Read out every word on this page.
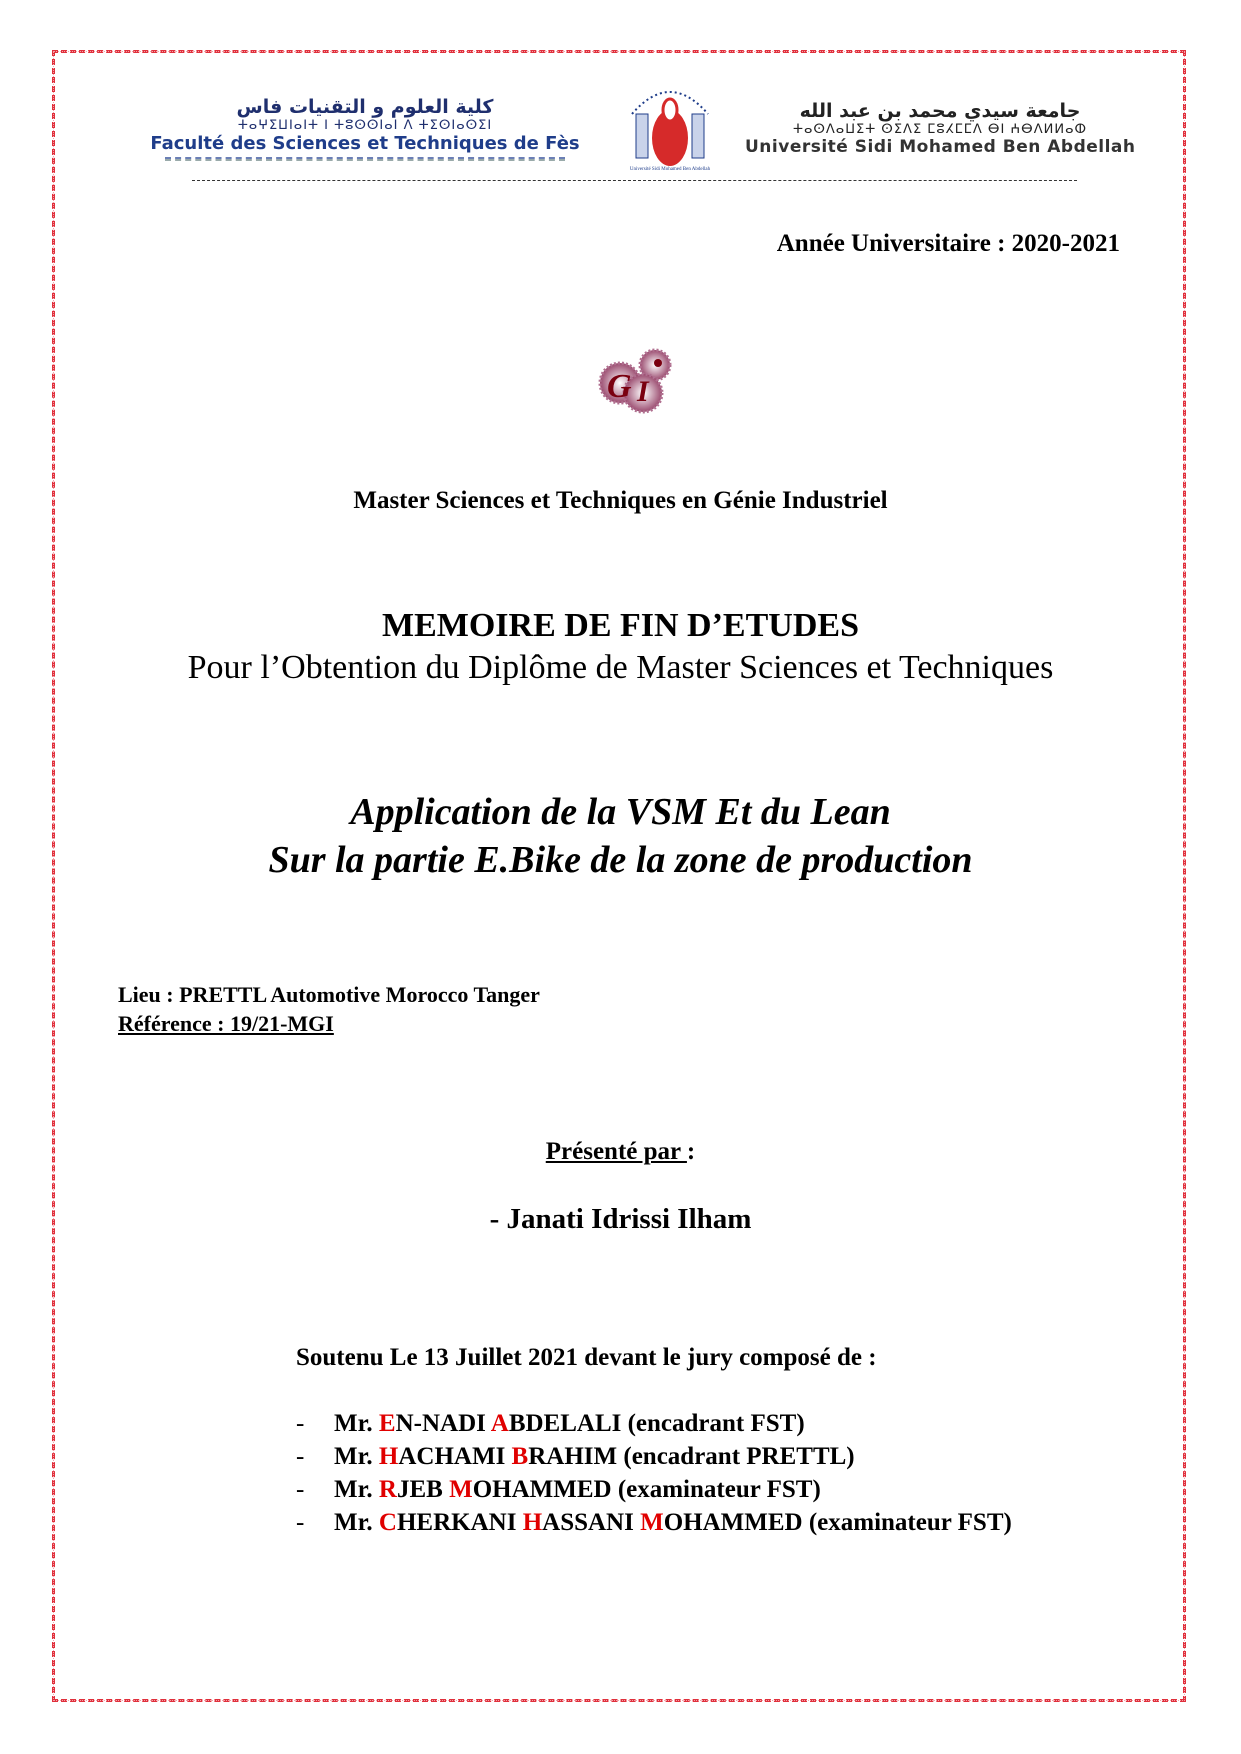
كلية العلوم و التقنيات فاس
ⵜⴰⵖⵉⵡⵏⴰⵏⵜ ⵏ ⵜⵓⵙⵙⵏⴰⵏ ⴷ ⵜⵉⵙⵏⴰⵙⵉⵏ
Faculté des Sciences et Techniques de Fès
Université Sidi Mohamed Ben Abdellah
جامعة سيدي محمد بن عبد الله
ⵜⴰⵙⴷⴰⵡⵉⵜ ⵙⵉⴷⵉ ⵎⵓⵃⵎⵎⴷ ⴱⵏ ⵄⴱⴷⵍⵍⴰⵀ
Université Sidi Mohamed Ben Abdellah
Année Universitaire : 2020-2021
G I
Master Sciences et Techniques en Génie Industriel
MEMOIRE DE FIN D’ETUDES
Pour l’Obtention du Diplôme de Master Sciences et Techniques
Application de la VSM Et du Lean
Sur la partie E.Bike de la zone de production
Lieu : PRETTL Automotive Morocco Tanger
Référence : 19/21-MGI
Présenté par :
- Janati Idrissi Ilham
Soutenu Le 13 Juillet 2021 devant le jury composé de :
- Mr. EN-NADI ABDELALI (encadrant FST)
- Mr. HACHAMI BRAHIM (encadrant PRETTL)
- Mr. RJEB MOHAMMED (examinateur FST)
- Mr. CHERKANI HASSANI MOHAMMED (examinateur FST)
